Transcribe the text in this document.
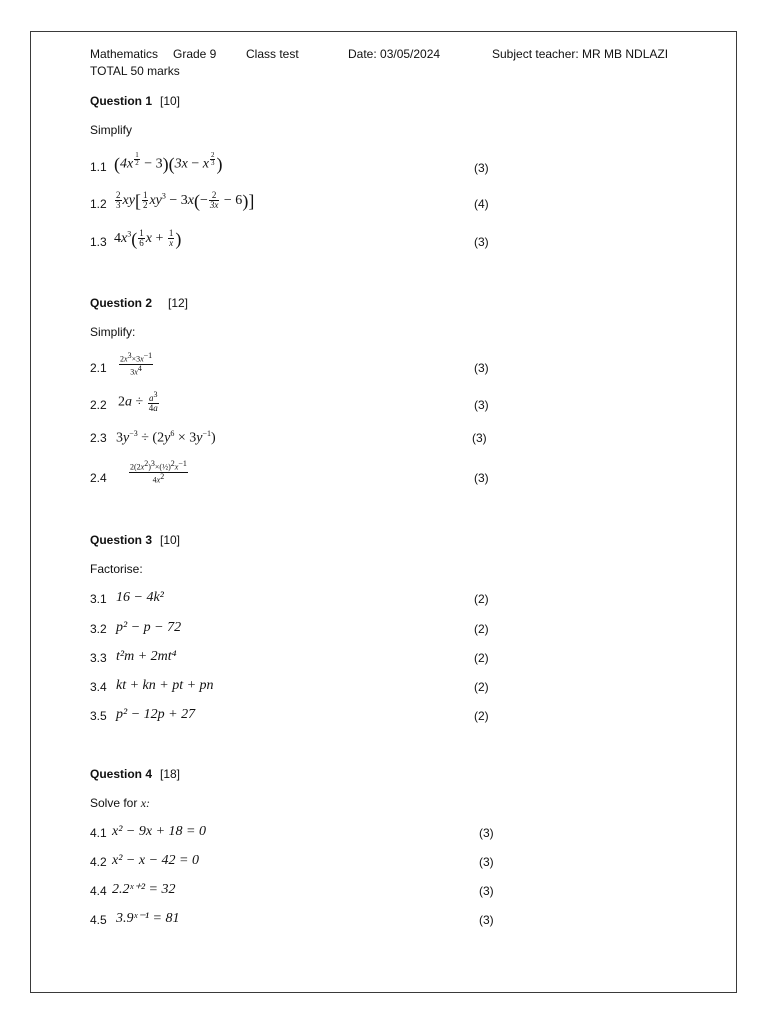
Mathematics Grade 9 Class test	Date: 03/05/2024	Subject teacher: MR MB NDLAZI
TOTAL 50 marks
Question 1 [10]
Simplify
1.1 (4x $^{\frac{1}{2}}$ − 3)(3x − x $^{\frac{2}{3}}$ )	(3)
$1.2 \frac{2}{3} xy[ \frac{1}{2} xy^3 - 3x(- \frac{2}{3x} - 6)]$	(4)
1.3 $4x^3( \frac{1}{6}$ $x + \frac{1}{x}$ )	(3)
Question 2 [12]
Simplify:
$2.1 \frac{2x^3\times 3x^{-1}}{3x^4}$	(3)
2.2 $2a \div \frac{a^3}{4a}$	(3)
2.3 $3y^{-3} \div (2y^6 \times 3y^{-1})$	(3)
2.4	$\frac{2(2x^2)^3\times(\frac{1}{2})^2x^{-1}}{4x^2}$	(3)
Question 3 [10]
Factorise:
3.1 16 − 4k²	(2)
3.2 p² − p − 72	(2)
3.3 t²m + 2mt⁴	(2)
3.4 kt + kn + pt + pn	(2)
3.5 p² − 12p + 27	(2)
Question 4 [18]
Solve for x:
4.1 x² − 9x + 18 = 0	(3)
4.2 x² − x − 42 = 0	(3)
4.4 2.2ˣ⁺² = 32	(3)
4.5 3.9ˣ⁻¹ = 81	(3)
